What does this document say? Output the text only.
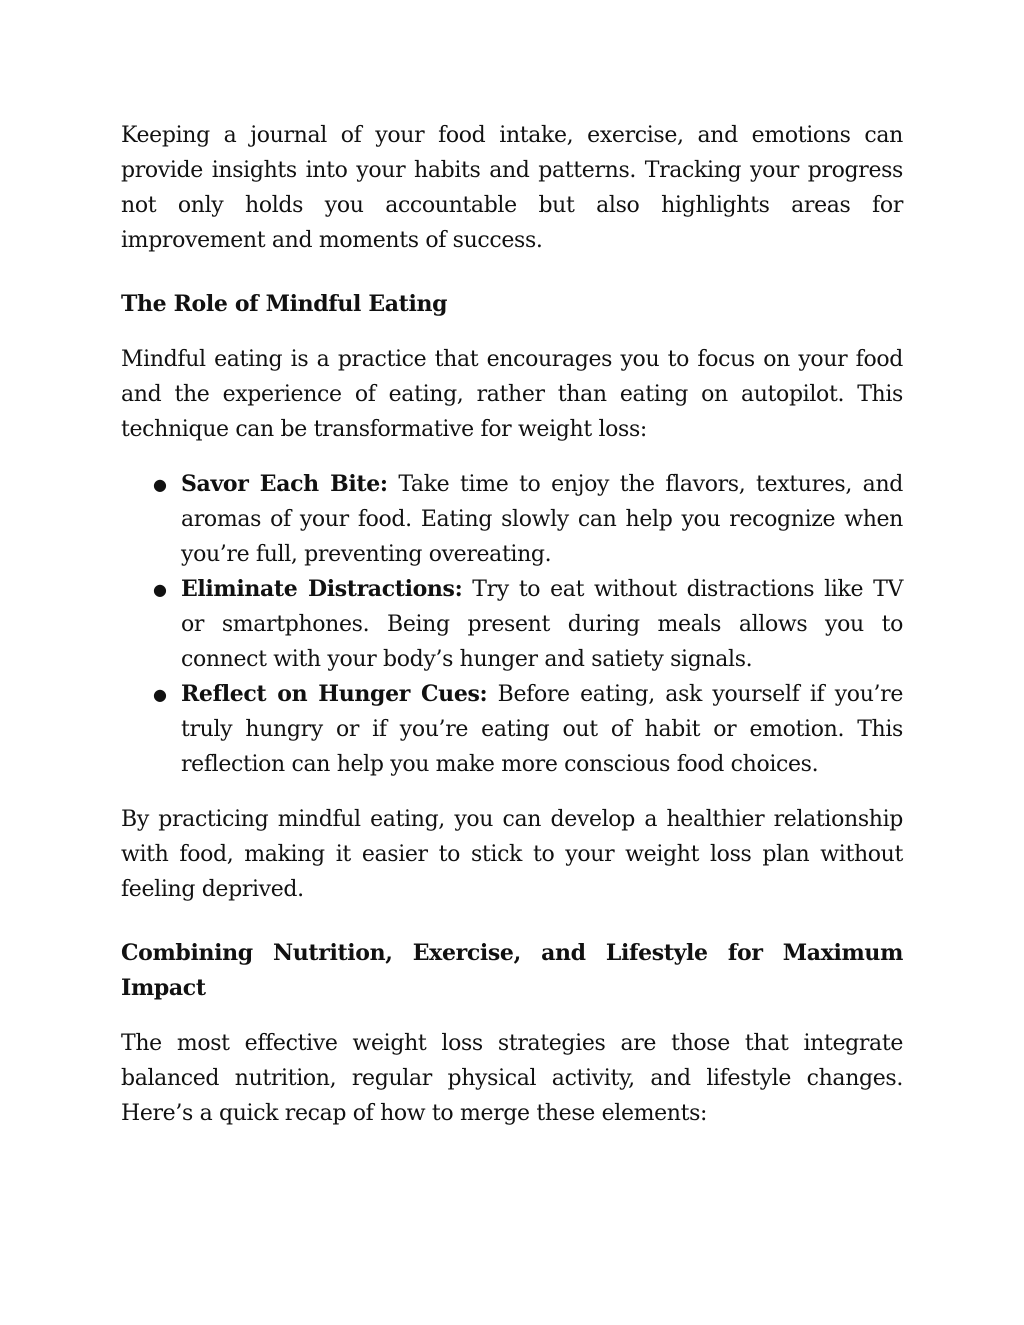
Keeping a journal of your food intake, exercise, and emotions can provide insights into your habits and patterns. Tracking your progress not only holds you accountable but also highlights areas for improvement and moments of success.

The Role of Mindful Eating

Mindful eating is a practice that encourages you to focus on your food and the experience of eating, rather than eating on autopilot. This technique can be transformative for weight loss:

● Savor Each Bite: Take time to enjoy the flavors, textures, and aromas of your food. Eating slowly can help you recognize when you’re full, preventing overeating.
● Eliminate Distractions: Try to eat without distractions like TV or smartphones. Being present during meals allows you to connect with your body’s hunger and satiety signals.
● Reflect on Hunger Cues: Before eating, ask yourself if you’re truly hungry or if you’re eating out of habit or emotion. This reflection can help you make more conscious food choices.

By practicing mindful eating, you can develop a healthier relationship with food, making it easier to stick to your weight loss plan without feeling deprived.

Combining Nutrition, Exercise, and Lifestyle for Maximum Impact

The most effective weight loss strategies are those that integrate balanced nutrition, regular physical activity, and lifestyle changes. Here’s a quick recap of how to merge these elements:
